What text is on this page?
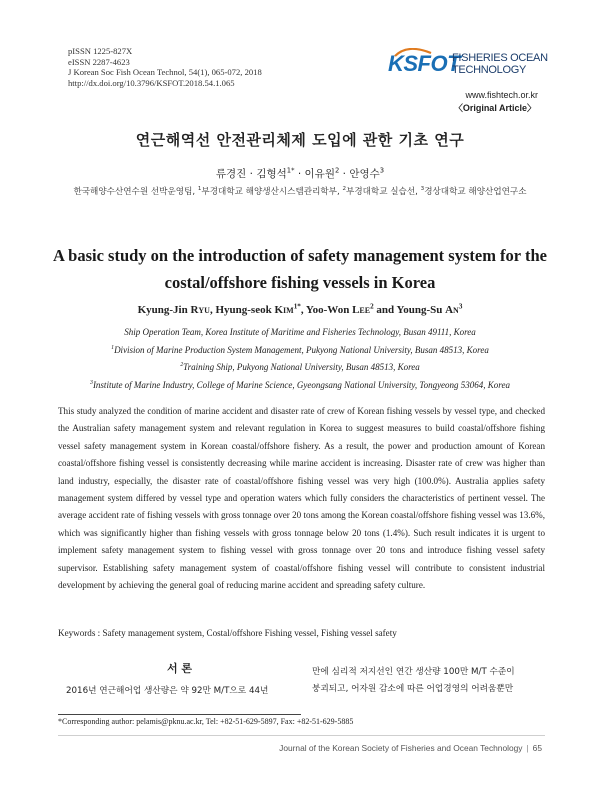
pISSN 1225-827X
eISSN 2287-4623
J Korean Soc Fish Ocean Technol, 54(1), 065-072, 2018
http://dx.doi.org/10.3796/KSFOT.2018.54.1.065
KSFOT
FISHERIES OCEAN
TECHNOLOGY
www.fishtech.or.kr
〈Original Article〉
연근해역선 안전관리체제 도입에 관한 기초 연구
류경진 · 김형석$^{1*}$ · 이유원$^2$ · 안영수$^3$
한국해양수산연수원 선박운영팀, $^1$부경대학교 해양생산시스템관리학부, $^2$부경대학교 실습선, $^3$경상대학교 해양산업연구소
A basic study on the introduction of safety management system for the
costal/offshore fishing vessels in Korea
Kyung-Jin Ryu, Hyung-seok Kim$^{1*}$, Yoo-Won Lee$^2$ and Young-Su An$^3$
Ship Operation Team, Korea Institute of Maritime and Fisheries Technology, Busan 49111, Korea
$^1$Division of Marine Production System Management, Pukyong National University, Busan 48513, Korea
$^2$Training Ship, Pukyong National University, Busan 48513, Korea
$^3$Institute of Marine Industry, College of Marine Science, Gyeongsang National University, Tongyeong 53064, Korea
This study analyzed the condition of marine accident and disaster rate of crew of Korean fishing vessels by vessel type, and checked the Australian safety management system and relevant regulation in Korea to suggest measures to build coastal/offshore fishing vessel safety management system in Korean coastal/offshore fishery. As a result, the power and production amount of Korean coastal/offshore fishing vessel is consistently decreasing while marine accident is increasing. Disaster rate of crew was higher than land industry, especially, the disaster rate of coastal/offshore fishing vessel was very high (100.0%). Australia applies safety management system differed by vessel type and operation waters which fully considers the characteristics of pertinent vessel. The average accident rate of fishing vessels with gross tonnage over 20 tons among the Korean coastal/offshore fishing vessel was 13.6%, which was significantly higher than fishing vessels with gross tonnage below 20 tons (1.4%). Such result indicates it is urgent to implement safety management system to fishing vessel with gross tonnage over 20 tons and introduce fishing vessel safety supervisor. Establishing safety management system of coastal/offshore fishing vessel will contribute to consistent industrial development by achieving the general goal of reducing marine accident and spreading safety culture.
Keywords : Safety management system, Costal/offshore Fishing vessel, Fishing vessel safety
서 론
2016년 연근해어업 생산량은 약 92만 M/T으로 44년
만에 심리적 저지선인 연간 생산량 100만 M/T 수준이
붕괴되고, 어자원 감소에 따른 어업경영의 어려움뿐만
*Corresponding author: pelamis@pknu.ac.kr, Tel: +82-51-629-5897, Fax: +82-51-629-5885
Journal of the Korean Society of Fisheries and Ocean Technology | 65
